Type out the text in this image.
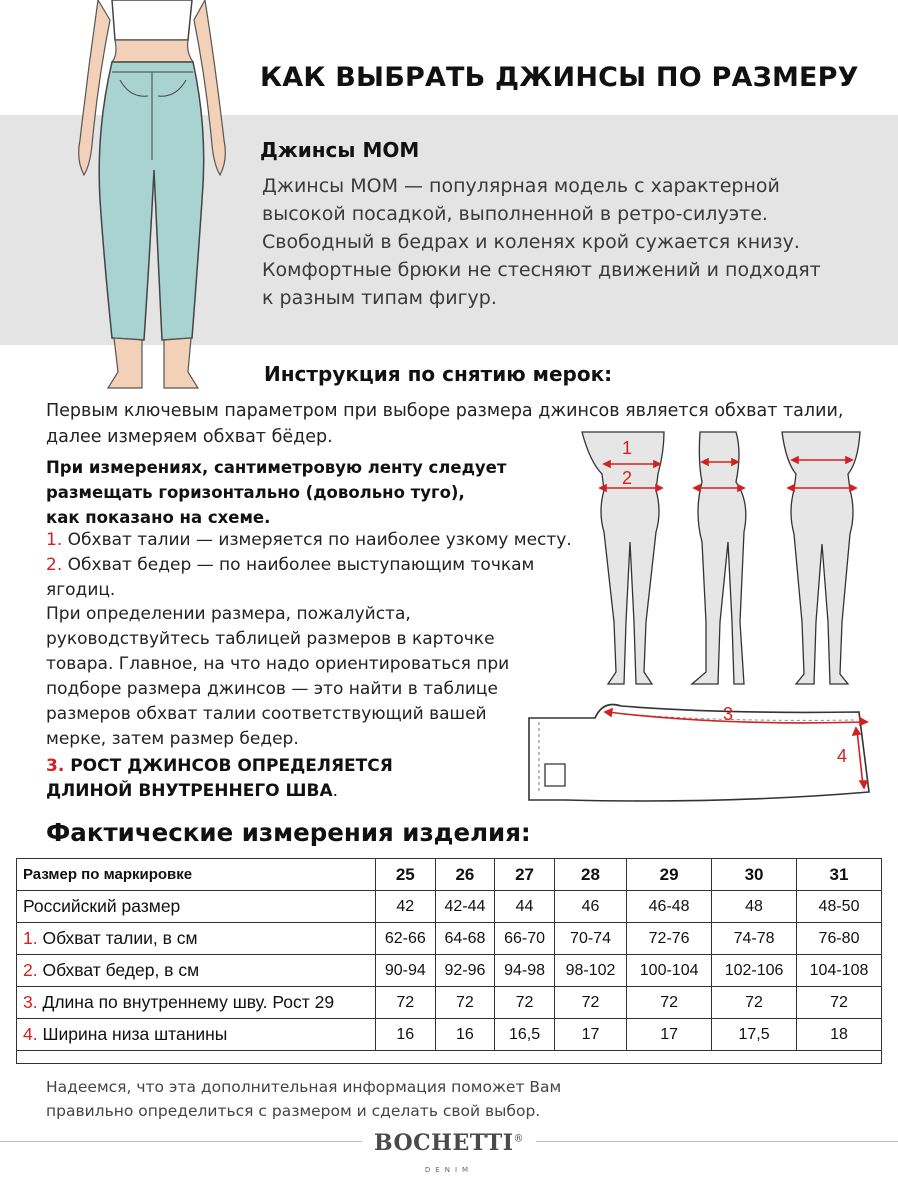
КАК ВЫБРАТЬ ДЖИНСЫ ПО РАЗМЕРУ
Джинсы MOM
Джинсы MOM — популярная модель с характерной
высокой посадкой, выполненной в ретро-силуэте.
Свободный в бедрах и коленях крой сужается книзу.
Комфортные брюки не стесняют движений и подходят
к разным типам фигур.
Инструкция по снятию мерок:
Первым ключевым параметром при выборе размера джинсов является обхват талии,
далее измеряем обхват бёдер.
При измерениях, сантиметровую ленту следует
размещать горизонтально (довольно туго),
как показано на схеме.
1. Обхват талии — измеряется по наиболее узкому месту.
2. Обхват бедер — по наиболее выступающим точкам
ягодиц.
При определении размера, пожалуйста,
руководствуйтесь таблицей размеров в карточке
товара. Главное, на что надо ориентироваться при
подборе размера джинсов — это найти в таблице
размеров обхват талии соответствующий вашей
мерке, затем размер бедер.
3. РОСТ ДЖИНСОВ ОПРЕДЕЛЯЕТСЯ
ДЛИНОЙ ВНУТРЕННЕГО ШВА.
1
2
3
4
Фактические измерения изделия:
Размер по маркировке	25	26	27	28	29	30	31
Российский размер	42	42-44	44	46	46-48	48	48-50
1. Обхват талии, в см	62-66	64-68	66-70	70-74	72-76	74-78	76-80
2. Обхват бедер, в см	90-94	92-96	94-98	98-102	100-104	102-106	104-108
3. Длина по внутреннему шву. Рост 29	72	72	72	72	72	72	72
4. Ширина низа штанины	16	16	16,5	17	17	17,5	18
Надеемся, что эта дополнительная информация поможет Вам
правильно определиться с размером и сделать свой выбор.
BOCHETTI®
DENIM
